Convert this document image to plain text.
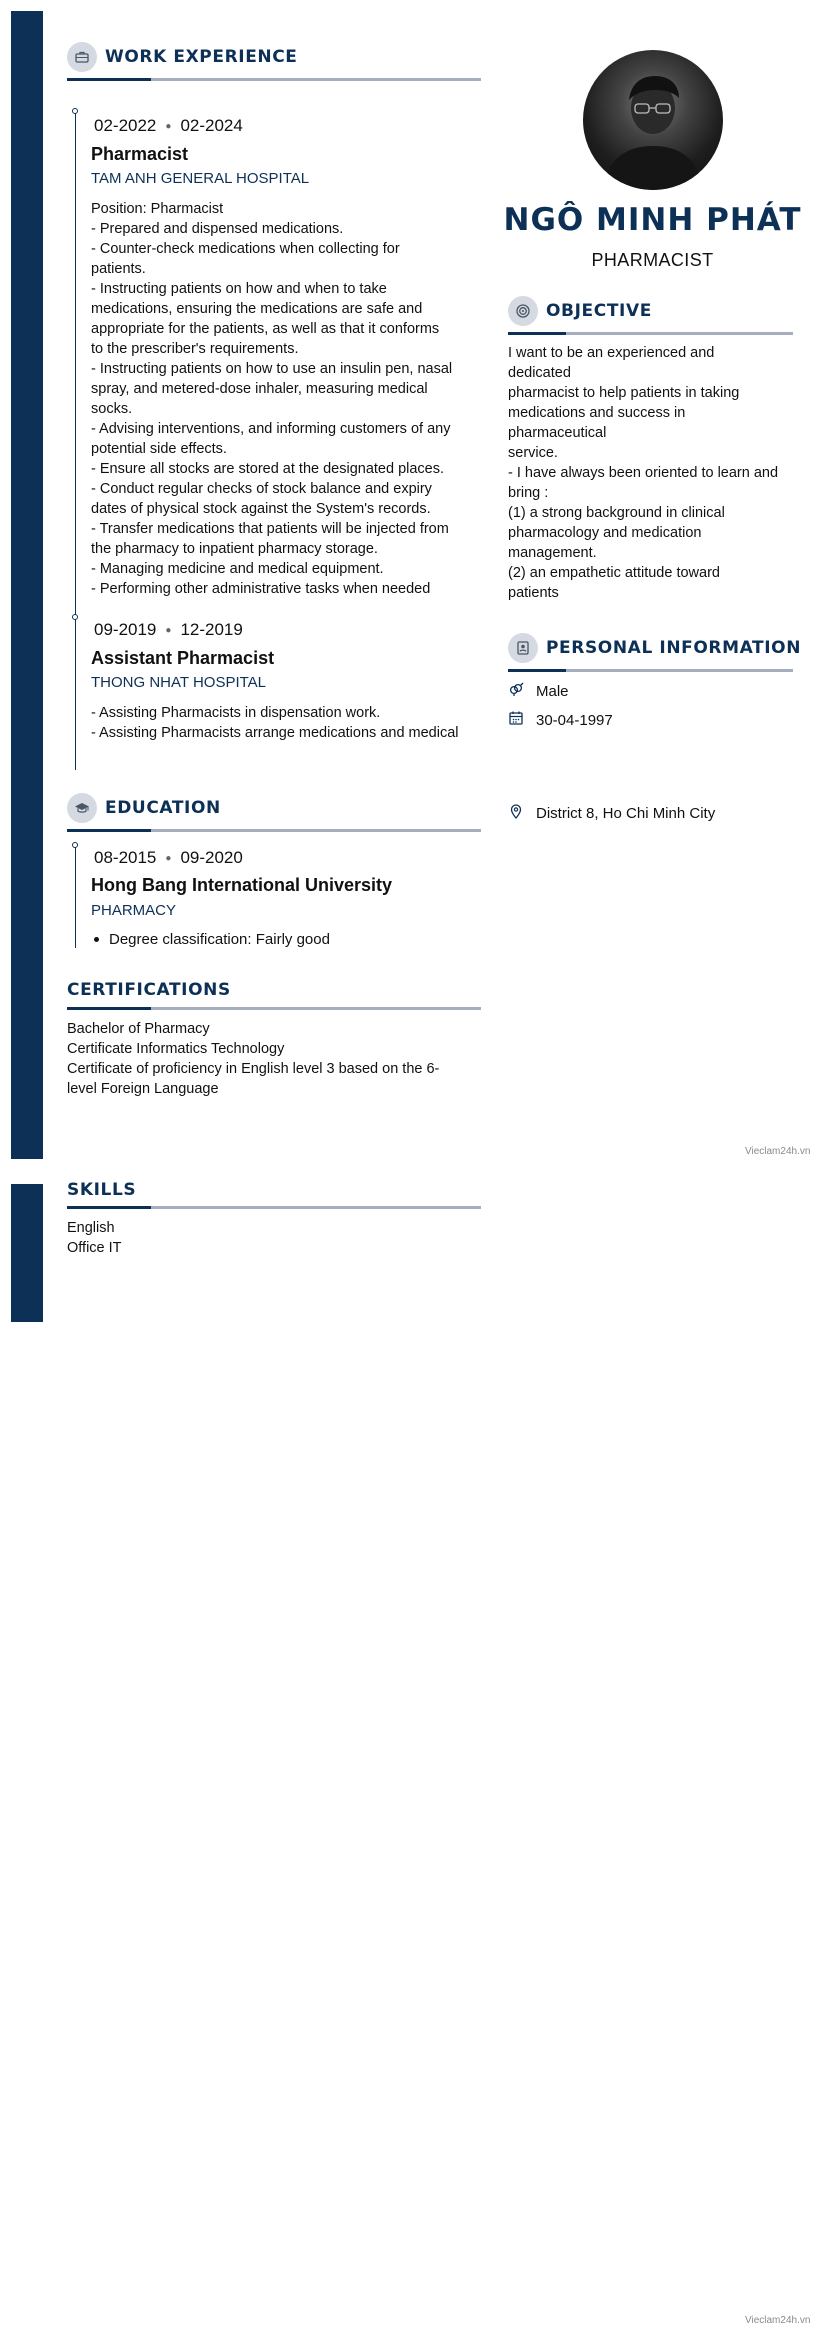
WORK EXPERIENCE
02-2022 ● 02-2024
Pharmacist
TAM ANH GENERAL HOSPITAL
Position: Pharmacist
- Prepared and dispensed medications.
- Counter-check medications when collecting for
patients.
- Instructing patients on how and when to take
medications, ensuring the medications are safe and
appropriate for the patients, as well as that it conforms
to the prescriber's requirements.
- Instructing patients on how to use an insulin pen, nasal
spray, and metered-dose inhaler, measuring medical
socks.
- Advising interventions, and informing customers of any
potential side effects.
- Ensure all stocks are stored at the designated places.
- Conduct regular checks of stock balance and expiry
dates of physical stock against the System's records.
- Transfer medications that patients will be injected from
the pharmacy to inpatient pharmacy storage.
- Managing medicine and medical equipment.
- Performing other administrative tasks when needed
09-2019 ● 12-2019
Assistant Pharmacist
THONG NHAT HOSPITAL
- Assisting Pharmacists in dispensation work.
- Assisting Pharmacists arrange medications and medical
EDUCATION
08-2015 ● 09-2020
Hong Bang International University
PHARMACY
Degree classification: Fairly good
CERTIFICATIONS
Bachelor of Pharmacy
Certificate Informatics Technology
Certificate of proficiency in English level 3 based on the 6-
level Foreign Language
SKILLS
English
Office IT
NGÔ MINH PHÁT
PHARMACIST
OBJECTIVE
I want to be an experienced and
dedicated
pharmacist to help patients in taking
medications and success in
pharmaceutical
service.
- I have always been oriented to learn and
bring :
(1) a strong background in clinical
pharmacology and medication
management.
(2) an empathetic attitude toward
patients
PERSONAL INFORMATION
Male
30-04-1997
District 8, Ho Chi Minh City
Vieclam24h.vn
Vieclam24h.vn
